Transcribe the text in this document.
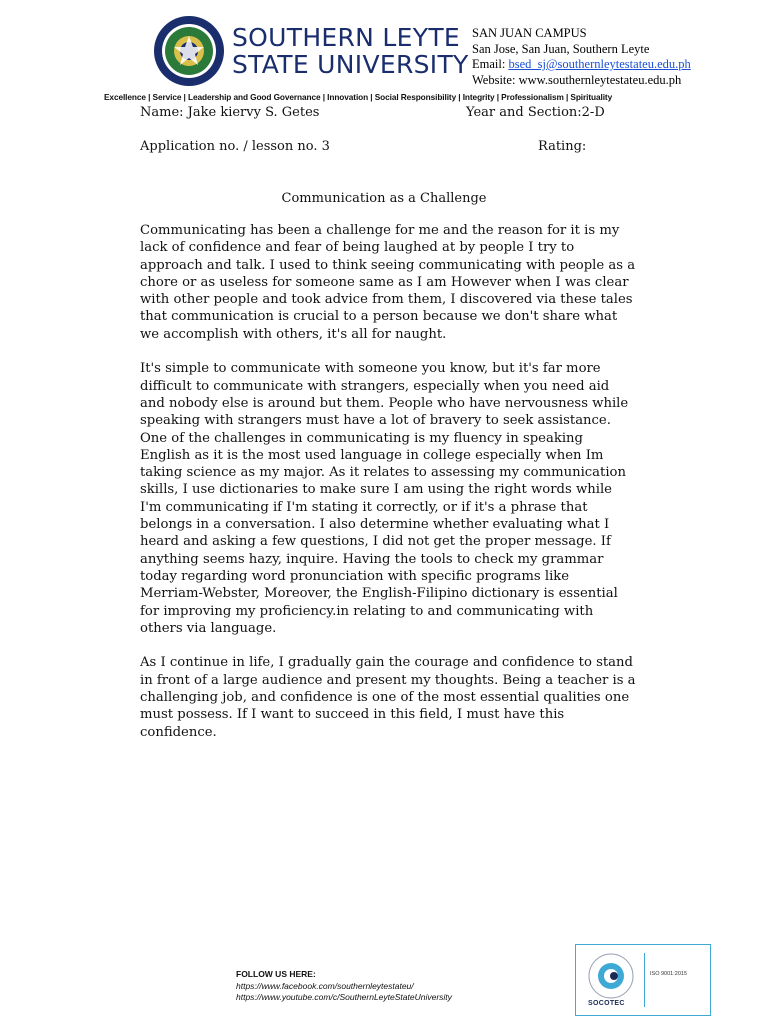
SOUTHERN LEYTE
STATE UNIVERSITY
SAN JUAN CAMPUS
San Jose, San Juan, Southern Leyte
Email: bsed_sj@southernleytestateu.edu.ph
Website: www.southernleytestateu.edu.ph
Excellence | Service | Leadership and Good Governance | Innovation | Social Responsibility | Integrity | Professionalism | Spirituality
Name: Jake kiervy S. Getes	Year and Section:2-D
Application no. / lesson no. 3	Rating:
Communication as a Challenge

Communicating has been a challenge for me and the reason for it is my lack of confidence and fear of being laughed at by people I try to approach and talk. I used to think seeing communicating with people as a chore or as useless for someone same as I am However when I was clear with other people and took advice from them, I discovered via these tales that communication is crucial to a person because we don't share what we accomplish with others, it's all for naught.

It's simple to communicate with someone you know, but it's far more difficult to communicate with strangers, especially when you need aid and nobody else is around but them. People who have nervousness while speaking with strangers must have a lot of bravery to seek assistance. One of the challenges in communicating is my fluency in speaking English as it is the most used language in college especially when Im taking science as my major. As it relates to assessing my communication skills, I use dictionaries to make sure I am using the right words while I'm communicating if I'm stating it correctly, or if it's a phrase that belongs in a conversation. I also determine whether evaluating what I heard and asking a few questions, I did not get the proper message. If anything seems hazy, inquire. Having the tools to check my grammar today regarding word pronunciation with specific programs like Merriam-Webster, Moreover, the English-Filipino dictionary is essential for improving my proficiency.in relating to and communicating with others via language.

As I continue in life, I gradually gain the courage and confidence to stand in front of a large audience and present my thoughts. Being a teacher is a challenging job, and confidence is one of the most essential qualities one must possess. If I want to succeed in this field, I must have this confidence.

FOLLOW US HERE:
https://www.facebook.com/southernleytestateu/
https://www.youtube.com/c/SouthernLeyteStateUniversity
SOCOTEC
ISO 9001:2015
